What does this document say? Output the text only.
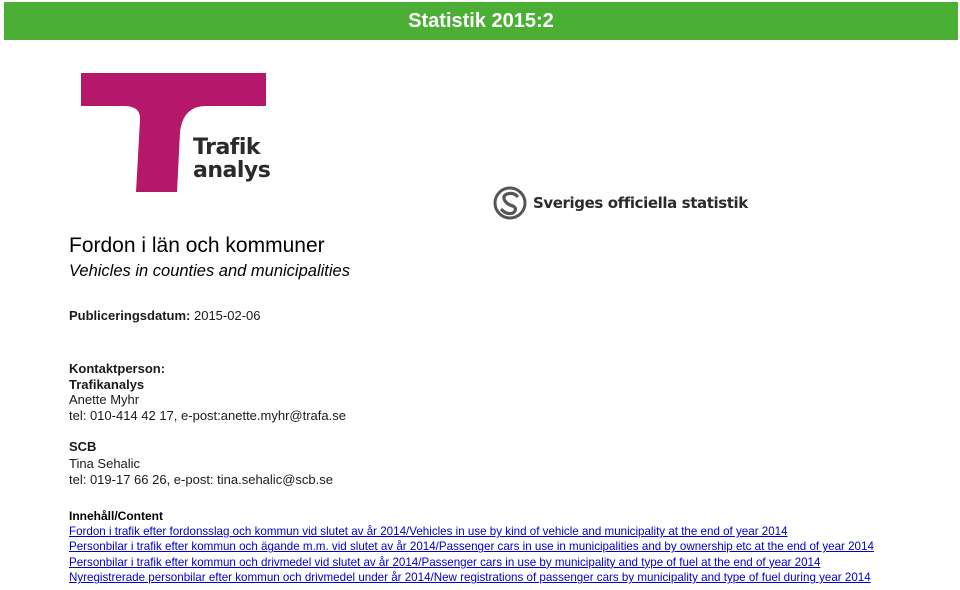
Statistik 2015:2
Trafik
analys
Sveriges officiella statistik
Fordon i län och kommuner
Vehicles in counties and municipalities
Publiceringsdatum: 2015-02-06
Kontaktperson:
Trafikanalys
Anette Myhr
tel: 010-414 42 17, e-post:anette.myhr@trafa.se
SCB
Tina Sehalic
tel: 019-17 66 26, e-post: tina.sehalic@scb.se
Innehåll/Content
Fordon i trafik efter fordonsslag och kommun vid slutet av år 2014/Vehicles in use by kind of vehicle and municipality at the end of year 2014
Personbilar i trafik efter kommun och ägande m.m. vid slutet av år 2014/Passenger cars in use in municipalities and by ownership etc at the end of year 2014
Personbilar i trafik efter kommun och drivmedel vid slutet av år 2014/Passenger cars in use by municipality and type of fuel at the end of year 2014
Nyregistrerade personbilar efter kommun och drivmedel under år 2014/New registrations of passenger cars by municipality and type of fuel during year 2014
